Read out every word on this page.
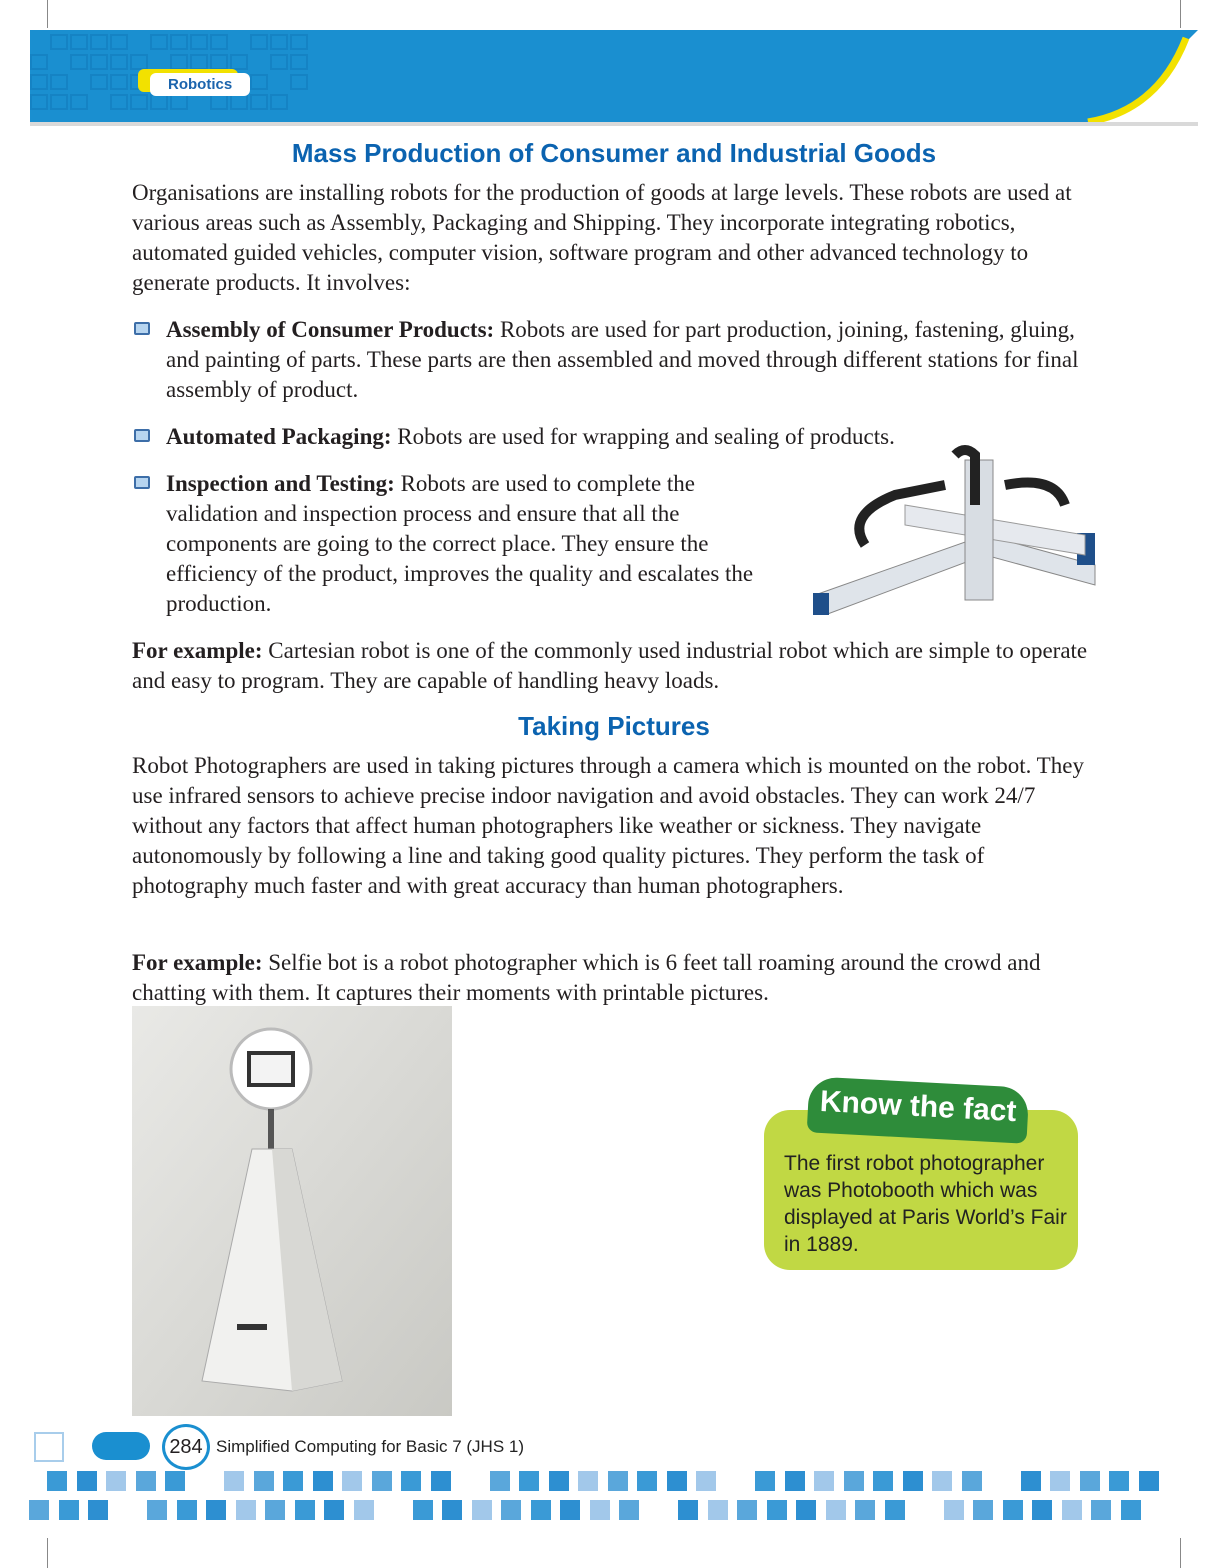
Robotics
Mass Production of Consumer and Industrial Goods
Organisations are installing robots for the production of goods at large levels. These robots are used at various areas such as Assembly, Packaging and Shipping. They incorporate integrating robotics, automated guided vehicles, computer vision, software program and other advanced technology to generate products. It involves:
Assembly of Consumer Products: Robots are used for part production, joining, fastening, gluing, and painting of parts. These parts are then assembled and moved through different stations for final assembly of product.
Automated Packaging: Robots are used for wrapping and sealing of products.
Inspection and Testing: Robots are used to complete the validation and inspection process and ensure that all the components are going to the correct place. They ensure the efficiency of the product, improves the quality and escalates the production.
For example: Cartesian robot is one of the commonly used industrial robot which are simple to operate and easy to program. They are capable of handling heavy loads.
Taking Pictures
Robot Photographers are used in taking pictures through a camera which is mounted on the robot. They use infrared sensors to achieve precise indoor navigation and avoid obstacles. They can work 24/7 without any factors that affect human photographers like weather or sickness. They navigate autonomously by following a line and taking good quality pictures. They perform the task of photography much faster and with great accuracy than human photographers.
For example: Selfie bot is a robot photographer which is 6 feet tall roaming around the crowd and chatting with them. It captures their moments with printable pictures.
Know the fact
The first robot photographer was Photobooth which was displayed at Paris World’s Fair in 1889.
284 Simplified Computing for Basic 7 (JHS 1)
